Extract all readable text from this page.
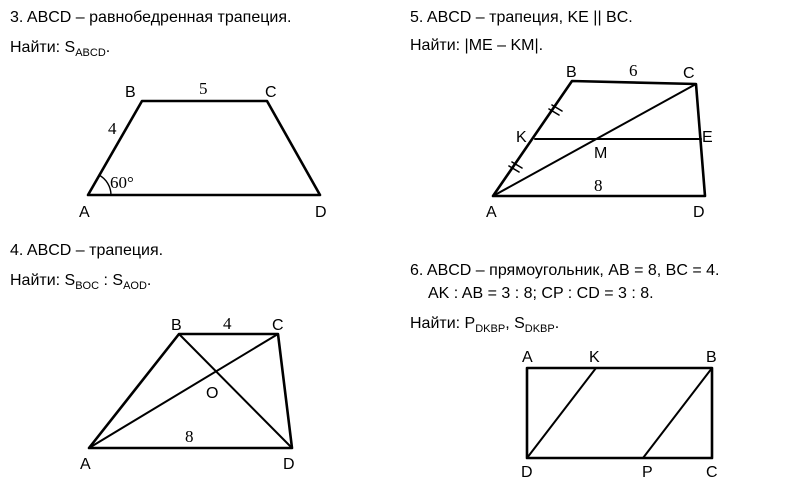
3. ABCD – равнобедренная трапеция.
Найти: $S_{ABCD}$.
4. ABCD – трапеция.
Найти: $S_{BOC}$ : $S_{AOD}$.
5. ABCD – трапеция, KE || BC.
Найти: |ME – KM|.
6. ABCD – прямоугольник, AB = 8, BC = 4.
AK : AB = 3 : 8; CP : CD = 3 : 8.
Найти: $P_{DKBP}$, $S_{DKBP}$.
B	C
A	D
5
4
60°
B	C
A	D
O
4
8
B	C
A	D
K	E
M
6
8
A	K	B
D	P	C
